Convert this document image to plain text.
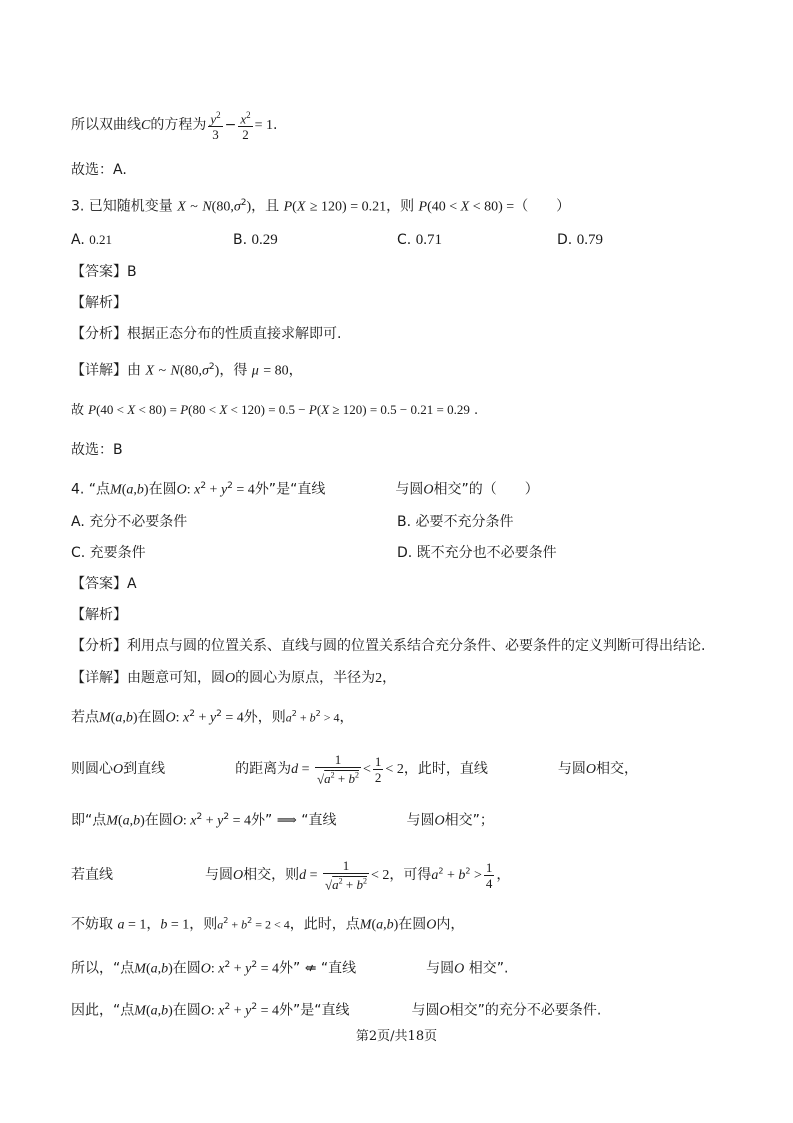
所以双曲线C的方程为 $\frac{y^2}{3} - \frac{x^2}{2} = 1$.
故选：A.
3. 已知随机变量 X ~ $N(80,\sigma^2)$，且 P(X ≥ 120) = 0.21，则 P(40 < X < 80) =（　　）
A. 0.21	B. 0.29	C. 0.71	D. 0.79
【答案】B
【解析】
【分析】根据正态分布的性质直接求解即可.
【详解】由 X ~ $N(80,\sigma^2)$，得 μ = 80，
故 P(40 < X < 80) = P(80 < X < 120) = 0.5 − P(X ≥ 120) = 0.5 − 0.21 = 0.29 .
故选：B
4. “点M(a,b)在圆O: $x^2 + y^2 = 4$外”是“直线	与圆O相交”的（　　）
A. 充分不必要条件	B. 必要不充分条件
C. 充要条件	D. 既不充分也不必要条件
【答案】A
【解析】
【分析】利用点与圆的位置关系、直线与圆的位置关系结合充分条件、必要条件的定义判断可得出结论.
【详解】由题意可知，圆O的圆心为原点，半径为2，
若点M(a,b)在圆O: $x^2 + y^2 = 4$外，则$a^2 + b^2 > 4$，
则圆心O到直线	的距离为$d = \frac{1}{√a^2 + b^2} < \frac{1}{2} < 2$，此时，直线	与圆O相交，
即“点M(a,b)在圆O: $x^2 + y^2 = 4$外” ⟹ “直线	与圆O相交”；
若直线	与圆O相交，则$d = \frac{1}{√a^2 + b^2} < 2$，可得$a^2 + b^2 > \frac{1}{4}$ ，
不妨取 a = 1，b = 1，则$a^2 + b^2 = 2 < 4$，此时，点M(a,b)在圆O内，
所以，“点M(a,b)在圆O: $x^2 + y^2 = 4$外” ⇍ “直线	与圆O 相交”.
因此，“点M(a,b)在圆O: $x^2 + y^2 = 4$外”是“直线	与圆O相交”的充分不必要条件.
第2页/共18页
